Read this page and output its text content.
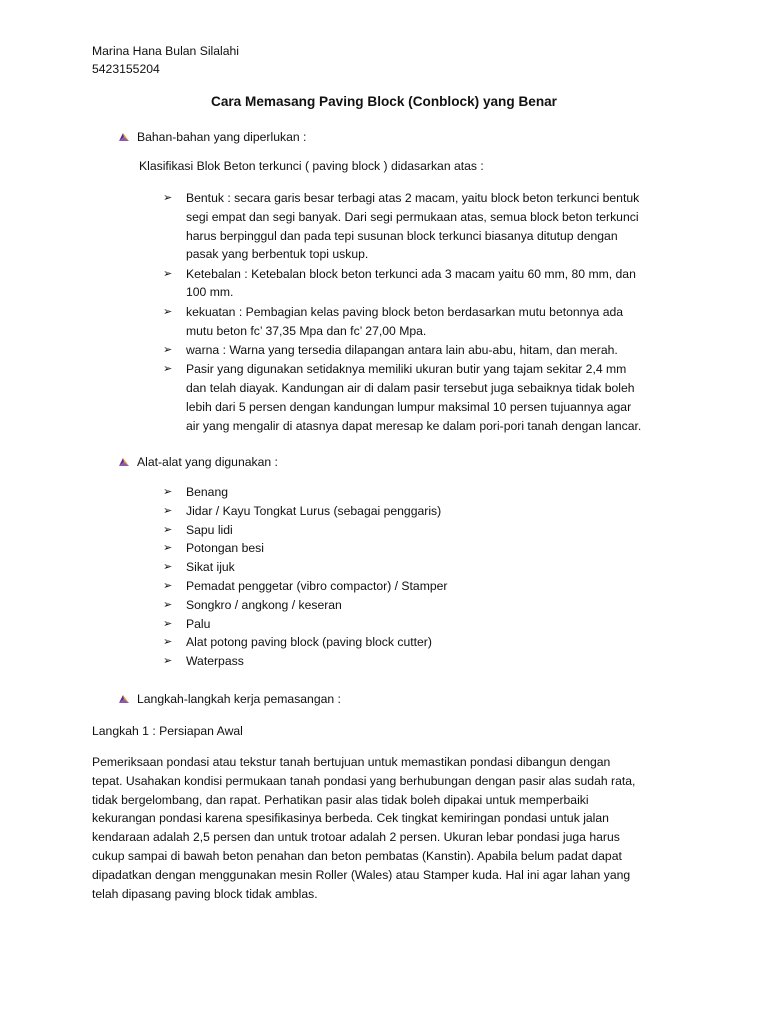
Marina Hana Bulan Silalahi
5423155204
Cara Memasang Paving Block (Conblock) yang Benar
Bahan-bahan yang diperlukan :
Klasifikasi Blok Beton terkunci ( paving block ) didasarkan atas :
➢ Bentuk : secara garis besar terbagi atas 2 macam, yaitu block beton terkunci bentuk
segi empat dan segi banyak. Dari segi permukaan atas, semua block beton terkunci
harus berpinggul dan pada tepi susunan block terkunci biasanya ditutup dengan
pasak yang berbentuk topi uskup.
➢ Ketebalan : Ketebalan block beton terkunci ada 3 macam yaitu 60 mm, 80 mm, dan
100 mm.
➢ kekuatan : Pembagian kelas paving block beton berdasarkan mutu betonnya ada
mutu beton fc’ 37,35 Mpa dan fc’ 27,00 Mpa.
➢ warna : Warna yang tersedia dilapangan antara lain abu-abu, hitam, dan merah.
➢ Pasir yang digunakan setidaknya memiliki ukuran butir yang tajam sekitar 2,4 mm
dan telah diayak. Kandungan air di dalam pasir tersebut juga sebaiknya tidak boleh
lebih dari 5 persen dengan kandungan lumpur maksimal 10 persen tujuannya agar
air yang mengalir di atasnya dapat meresap ke dalam pori-pori tanah dengan lancar.
Alat-alat yang digunakan :
➢ Benang
➢ Jidar / Kayu Tongkat Lurus (sebagai penggaris)
➢ Sapu lidi
➢ Potongan besi
➢ Sikat ijuk
➢ Pemadat penggetar (vibro compactor) / Stamper
➢ Songkro / angkong / keseran
➢ Palu
➢ Alat potong paving block (paving block cutter)
➢ Waterpass
Langkah-langkah kerja pemasangan :
Langkah 1 : Persiapan Awal
Pemeriksaan pondasi atau tekstur tanah bertujuan untuk memastikan pondasi dibangun dengan
tepat. Usahakan kondisi permukaan tanah pondasi yang berhubungan dengan pasir alas sudah rata,
tidak bergelombang, dan rapat. Perhatikan pasir alas tidak boleh dipakai untuk memperbaiki
kekurangan pondasi karena spesifikasinya berbeda. Cek tingkat kemiringan pondasi untuk jalan
kendaraan adalah 2,5 persen dan untuk trotoar adalah 2 persen. Ukuran lebar pondasi juga harus
cukup sampai di bawah beton penahan dan beton pembatas (Kanstin). Apabila belum padat dapat
dipadatkan dengan menggunakan mesin Roller (Wales) atau Stamper kuda. Hal ini agar lahan yang
telah dipasang paving block tidak amblas.
